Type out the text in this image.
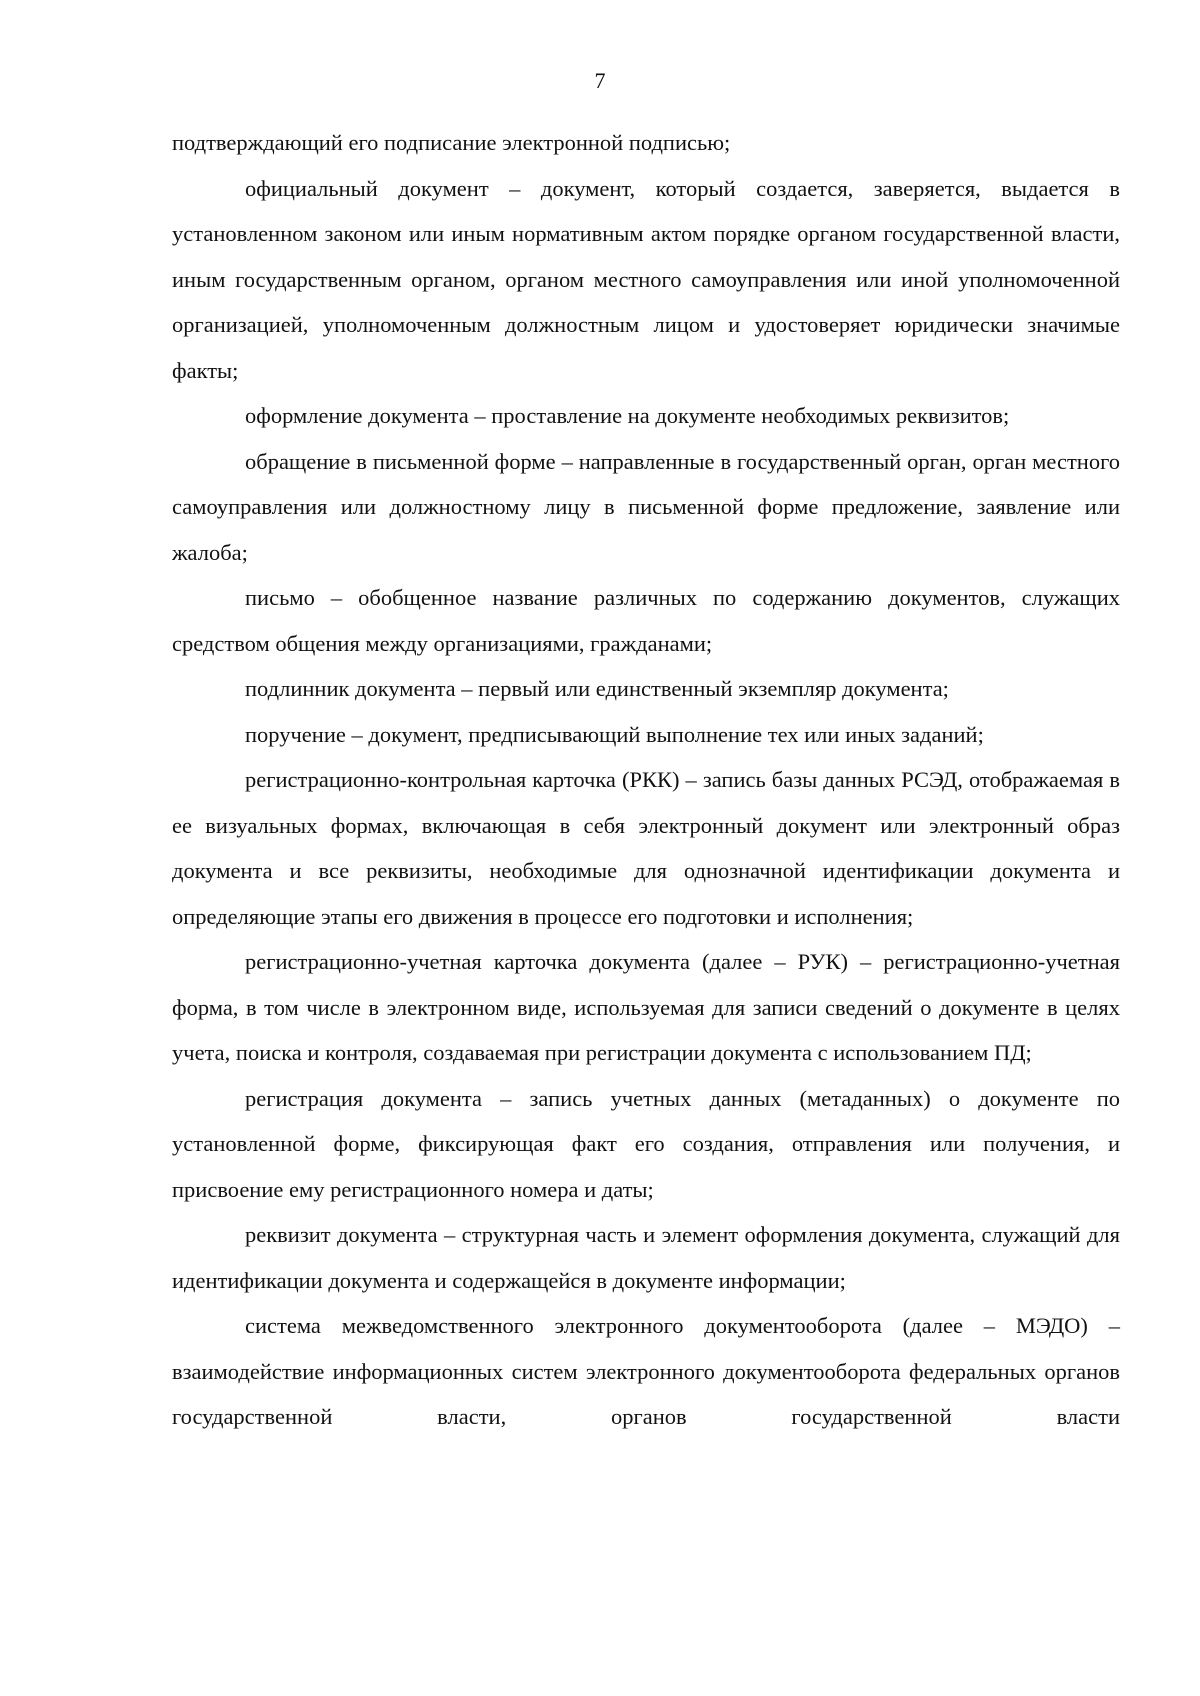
7

подтверждающий его подписание электронной подписью;

официальный документ – документ, который создается, заверяется, выдается в установленном законом или иным нормативным актом порядке органом государственной власти, иным государственным органом, органом местного самоуправления или иной уполномоченной организацией, уполномоченным должностным лицом и удостоверяет юридически значимые факты;

оформление документа – проставление на документе необходимых реквизитов;

обращение в письменной форме – направленные в государственный орган, орган местного самоуправления или должностному лицу в письменной форме предложение, заявление или жалоба;

письмо – обобщенное название различных по содержанию документов, служащих средством общения между организациями, гражданами;

подлинник документа – первый или единственный экземпляр документа;

поручение – документ, предписывающий выполнение тех или иных заданий;

регистрационно-контрольная карточка (РКК) – запись базы данных РСЭД, отображаемая в ее визуальных формах, включающая в себя электронный документ или электронный образ документа и все реквизиты, необходимые для однозначной идентификации документа и определяющие этапы его движения в процессе его подготовки и исполнения;

регистрационно-учетная карточка документа (далее – РУК) – регистрационно-учетная форма, в том числе в электронном виде, используемая для записи сведений о документе в целях учета, поиска и контроля, создаваемая при регистрации документа с использованием ПД;

регистрация документа – запись учетных данных (метаданных) о документе по установленной форме, фиксирующая факт его создания, отправления или получения, и присвоение ему регистрационного номера и даты;

реквизит документа – структурная часть и элемент оформления документа, служащий для идентификации документа и содержащейся в документе информации;

система межведомственного электронного документооборота (далее – МЭДО) – взаимодействие информационных систем электронного документооборота федеральных органов государственной власти, органов государственной власти
